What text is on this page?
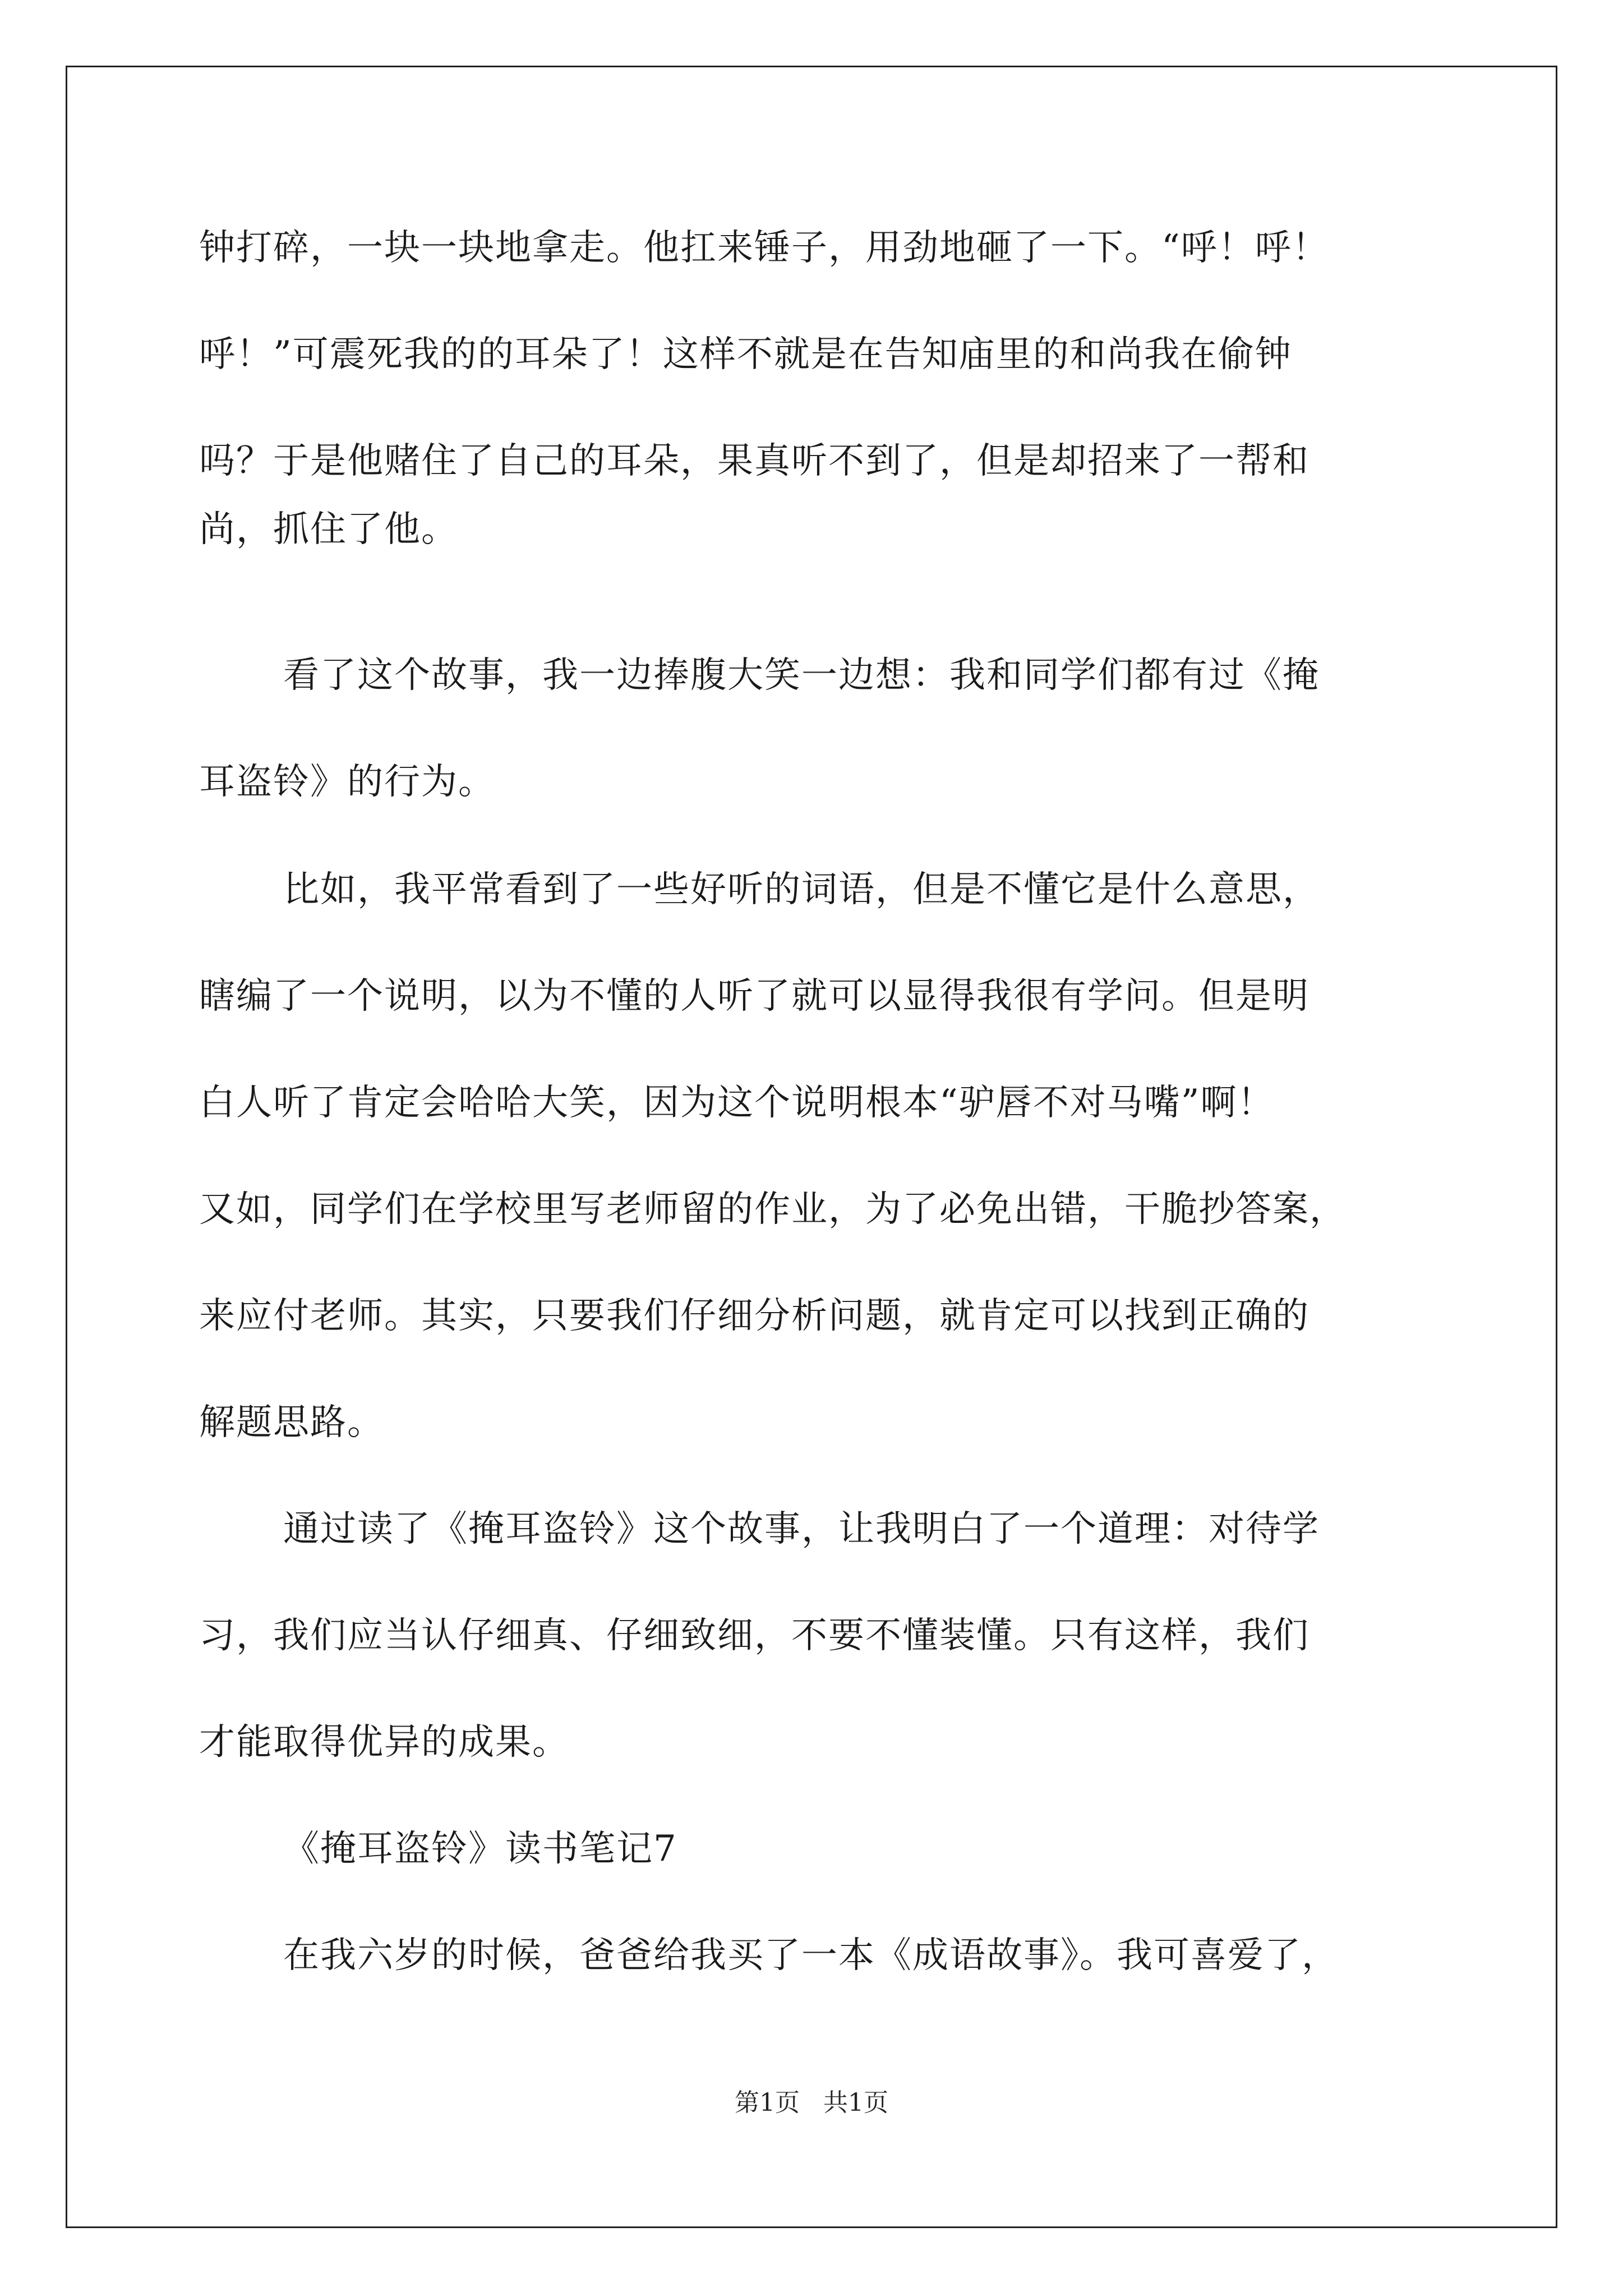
钟打碎，一块一块地拿走。他扛来锤子，用劲地砸了一下。“呼！呼！
呼！”可震死我的的耳朵了！这样不就是在告知庙里的和尚我在偷钟
吗？于是他赌住了自己的耳朵，果真听不到了，但是却招来了一帮和
尚，抓住了他。
看了这个故事，我一边捧腹大笑一边想：我和同学们都有过《掩
耳盗铃》的行为。
比如，我平常看到了一些好听的词语，但是不懂它是什么意思，
瞎编了一个说明，以为不懂的人听了就可以显得我很有学问。但是明
白人听了肯定会哈哈大笑，因为这个说明根本“驴唇不对马嘴”啊！
又如，同学们在学校里写老师留的作业，为了必免出错，干脆抄答案，
来应付老师。其实，只要我们仔细分析问题，就肯定可以找到正确的
解题思路。
通过读了《掩耳盗铃》这个故事，让我明白了一个道理：对待学
习，我们应当认仔细真、仔细致细，不要不懂装懂。只有这样，我们
才能取得优异的成果。
《掩耳盗铃》读书笔记7
在我六岁的时候，爸爸给我买了一本《成语故事》。我可喜爱了，
第1页   共1页
